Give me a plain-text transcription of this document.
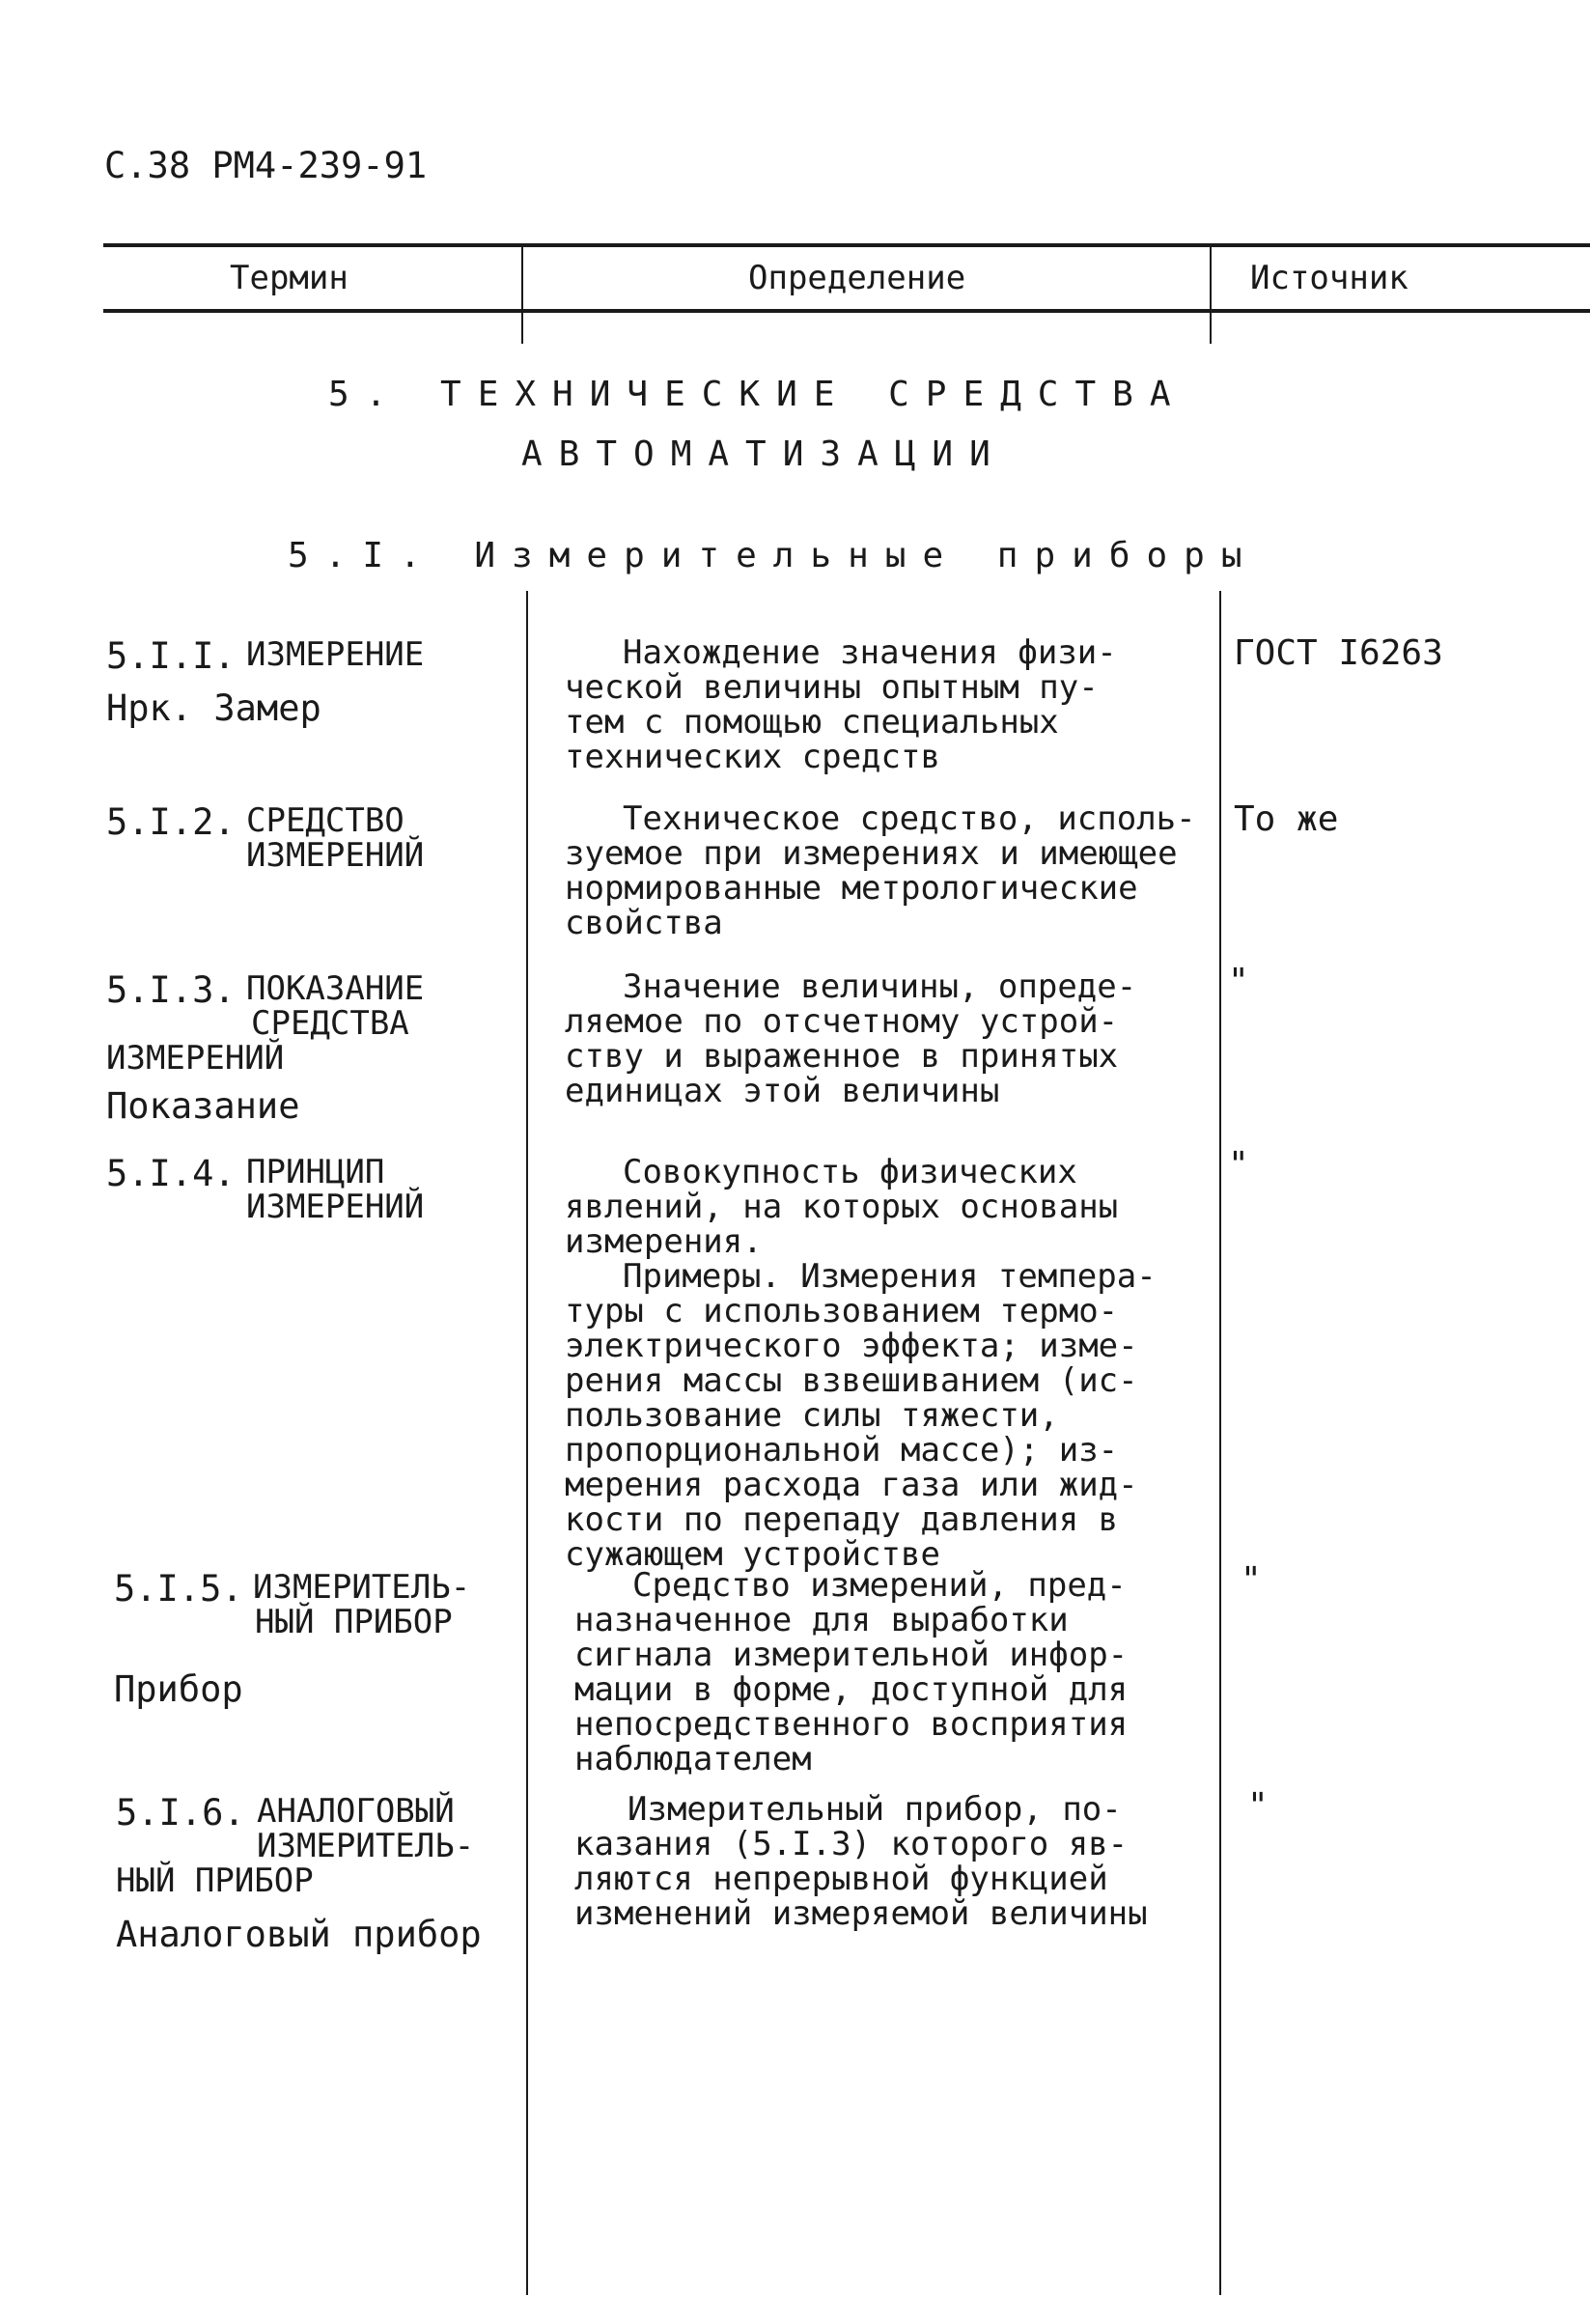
С.38 РМ4-239-91
Термин	Определение	Источник
5. ТЕХНИЧЕСКИЕ СРЕДСТВА
АВТОМАТИЗАЦИИ
5.I. Измерительные приборы
5.I.I. ИЗМЕРЕНИЕ
Нрк. Замер
Нахождение значения физи-
ческой величины опытным пу-
тем с помощью специальных
технических средств
ГОСТ I6263
5.I.2. СРЕДСТВО
ИЗМЕРЕНИЙ
Техническое средство, исполь-
зуемое при измерениях и имеющее
нормированные метрологические
свойства
То же
5.I.3. ПОКАЗАНИЕ
СРЕДСТВА
ИЗМЕРЕНИЙ
Показание
Значение величины, опреде-
ляемое по отсчетному устрой-
ству и выраженное в принятых
единицах этой величины
"
5.I.4. ПРИНЦИП
ИЗМЕРЕНИЙ
Совокупность физических
явлений, на которых основаны
измерения.
Примеры. Измерения темпера-
туры с использованием термо-
электрического эффекта; изме-
рения массы взвешиванием (ис-
пользование силы тяжести,
пропорциональной массе); из-
мерения расхода газа или жид-
кости по перепаду давления в
сужающем устройстве
"
5.I.5. ИЗМЕРИТЕЛЬ-
НЫЙ ПРИБОР
Прибор
Средство измерений, пред-
назначенное для выработки
сигнала измерительной инфор-
мации в форме, доступной для
непосредственного восприятия
наблюдателем
"
5.I.6. АНАЛОГОВЫЙ
ИЗМЕРИТЕЛЬ-
НЫЙ ПРИБОР
Аналоговый прибор
Измерительный прибор, по-
казания (5.I.3) которого яв-
ляются непрерывной функцией
изменений измеряемой величины
"
